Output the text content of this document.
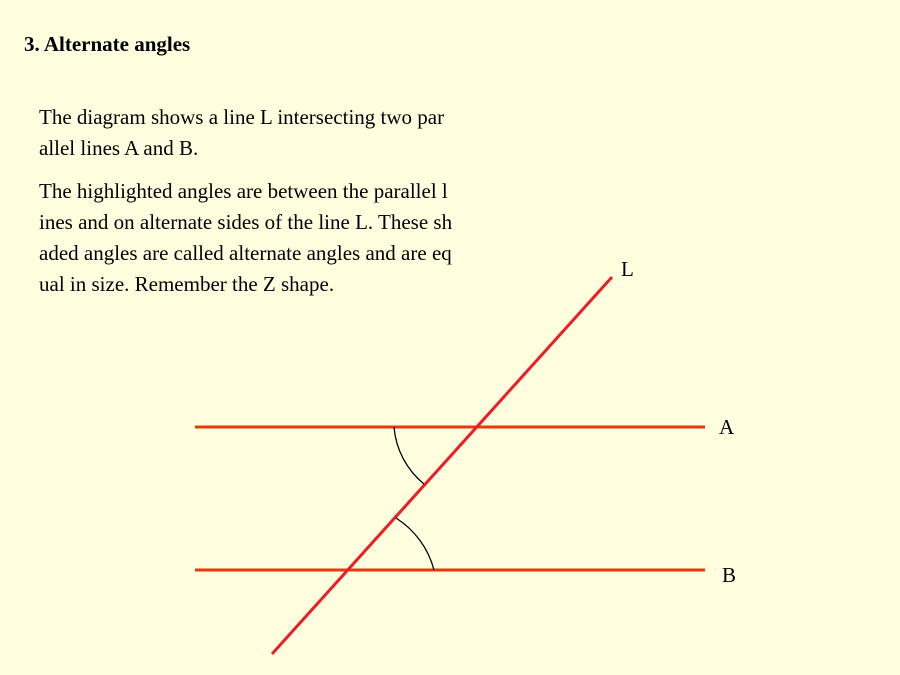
L
A
B
3. Alternate angles

The diagram shows a line L intersecting two par
allel lines A and B.

The highlighted angles are between the parallel l
ines and on alternate sides of the line L. These sh
aded angles are called alternate angles and are eq
ual in size. Remember the Z shape.
